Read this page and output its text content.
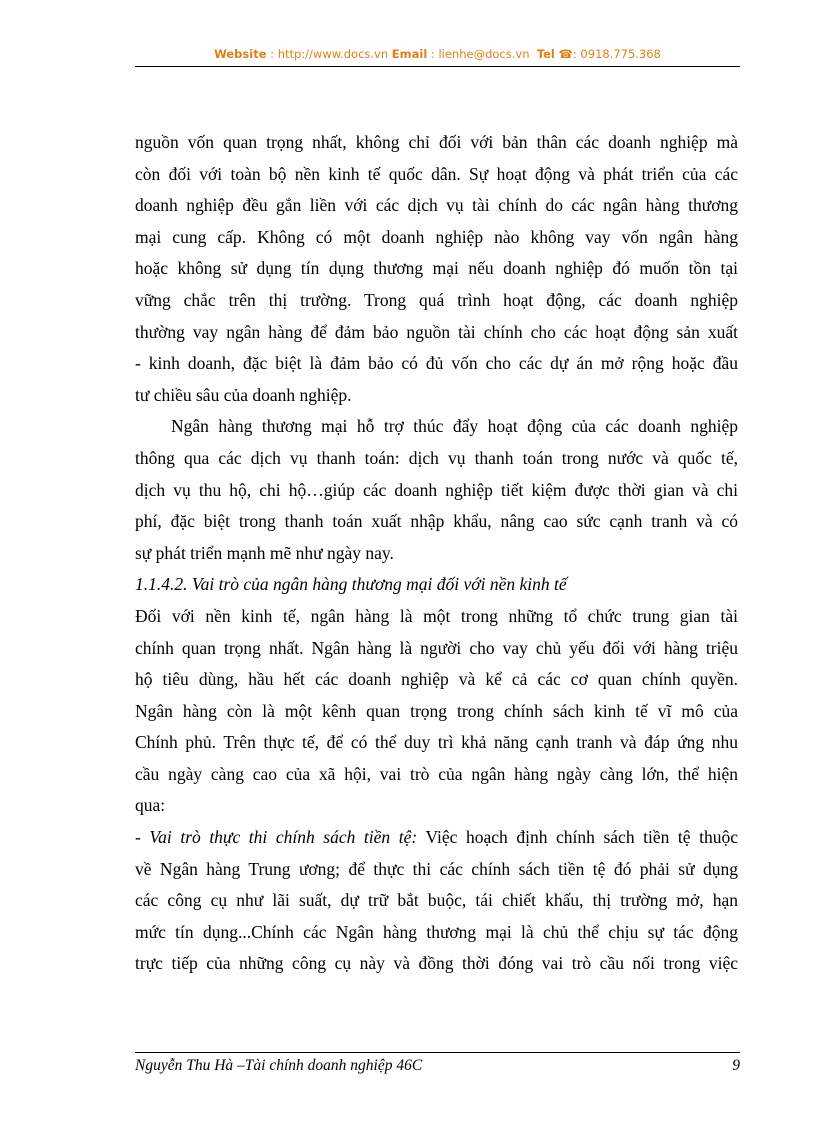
Website : http://www.docs.vn Email : lienhe@docs.vn Tel ☎: 0918.775.368
nguồn vốn quan trọng nhất, không chỉ đối với bản thân các doanh nghiệp mà
còn đối với toàn bộ nền kinh tế quốc dân. Sự hoạt động và phát triển của các
doanh nghiệp đều gắn liền với các dịch vụ tài chính do các ngân hàng thương
mại cung cấp. Không có một doanh nghiệp nào không vay vốn ngân hàng
hoặc không sử dụng tín dụng thương mại nếu doanh nghiệp đó muốn tồn tại
vững chắc trên thị trường. Trong quá trình hoạt động, các doanh nghiệp
thường vay ngân hàng để đảm bảo nguồn tài chính cho các hoạt động sản xuất
- kinh doanh, đặc biệt là đảm bảo có đủ vốn cho các dự án mở rộng hoặc đầu
tư chiều sâu của doanh nghiệp.
Ngân hàng thương mại hỗ trợ thúc đẩy hoạt động của các doanh nghiệp
thông qua các dịch vụ thanh toán: dịch vụ thanh toán trong nước và quốc tế,
dịch vụ thu hộ, chi hộ…giúp các doanh nghiệp tiết kiệm được thời gian và chi
phí, đặc biệt trong thanh toán xuất nhập khẩu, nâng cao sức cạnh tranh và có
sự phát triển mạnh mẽ như ngày nay.
1.1.4.2. Vai trò của ngân hàng thương mại đối với nền kinh tế
Đối với nền kinh tế, ngân hàng là một trong những tổ chức trung gian tài
chính quan trọng nhất. Ngân hàng là người cho vay chủ yếu đối với hàng triệu
hộ tiêu dùng, hầu hết các doanh nghiệp và kể cả các cơ quan chính quyền.
Ngân hàng còn là một kênh quan trọng trong chính sách kinh tế vĩ mô của
Chính phủ. Trên thực tế, để có thể duy trì khả năng cạnh tranh và đáp ứng nhu
cầu ngày càng cao của xã hội, vai trò của ngân hàng ngày càng lớn, thể hiện
qua:
- Vai trò thực thi chính sách tiền tệ: Việc hoạch định chính sách tiền tệ thuộc
về Ngân hàng Trung ương; để thực thi các chính sách tiền tệ đó phải sử dụng
các công cụ như lãi suất, dự trữ bắt buộc, tái chiết khấu, thị trường mở, hạn
mức tín dụng...Chính các Ngân hàng thương mại là chủ thể chịu sự tác động
trực tiếp của những công cụ này và đồng thời đóng vai trò cầu nối trong việc
Nguyễn Thu Hà –Tài chính doanh nghiệp 46C	9
